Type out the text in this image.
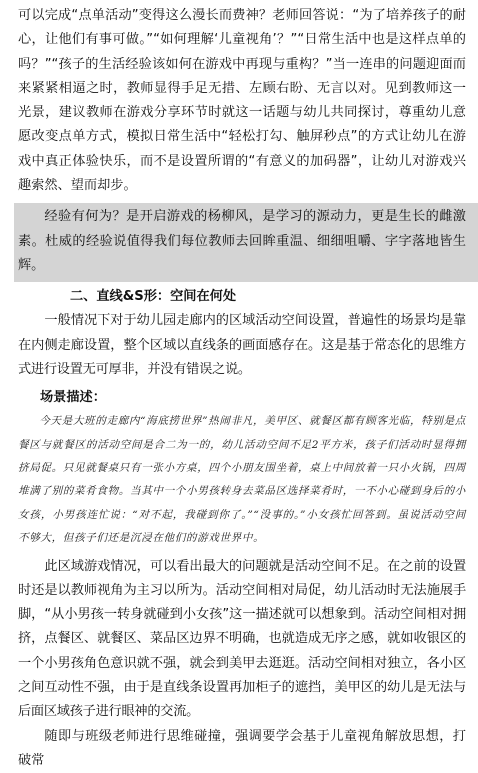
可以完成“点单活动”变得这么漫长而费神？老师回答说：“为了培养孩子的耐心，让他们有事可做。”“如何理解‘儿童视角’？”“日常生活中也是这样点单的吗？”“孩子的生活经验该如何在游戏中再现与重构？”当一连串的问题迎面而来紧紧相逼之时，教师显得手足无措、左顾右盼、无言以对。见到教师这一光景，建议教师在游戏分享环节时就这一话题与幼儿共同探讨，尊重幼儿意愿改变点单方式，模拟日常生活中“轻松打勾、触屏秒点”的方式让幼儿在游戏中真正体验快乐，而不是设置所谓的“有意义的加码器”，让幼儿对游戏兴趣索然、望而却步。

经验有何为？是开启游戏的杨柳风，是学习的源动力，更是生长的雌激素。杜威的经验说值得我们每位教师去回眸重温、细细咀嚼、字字落地皆生辉。

二、直线&S形：空间在何处

一般情况下对于幼儿园走廊内的区域活动空间设置，普遍性的场景均是靠在内侧走廊设置，整个区域以直线条的画面感存在。这是基于常态化的思维方式进行设置无可厚非，并没有错误之说。

场景描述：

今天是大班的走廊内“海底捞世界”热闹非凡，美甲区、就餐区都有顾客光临，特别是点餐区与就餐区的活动空间是合二为一的，幼儿活动空间不足2平方米，孩子们活动时显得拥挤局促。只见就餐桌只有一张小方桌，四个小朋友围坐着，桌上中间放着一只小火锅，四周堆满了别的菜肴食物。当其中一个小男孩转身去菜品区选择菜肴时，一不小心碰到身后的小女孩，小男孩连忙说：“对不起，我碰到你了。”“没事的。”小女孩忙回答到。虽说活动空间不够大，但孩子们还是沉浸在他们的游戏世界中。

此区域游戏情况，可以看出最大的问题就是活动空间不足。在之前的设置时还是以教师视角为主习以所为。活动空间相对局促，幼儿活动时无法施展手脚，“从小男孩一转身就碰到小女孩”这一描述就可以想象到。活动空间相对拥挤，点餐区、就餐区、菜品区边界不明确，也就造成无序之感，就如收银区的一个小男孩角色意识就不强，就会到美甲去逛逛。活动空间相对独立，各小区之间互动性不强，由于是直线条设置再加柜子的遮挡，美甲区的幼儿是无法与后面区域孩子进行眼神的交流。

随即与班级老师进行思维碰撞，强调要学会基于儿童视角解放思想，打破常
